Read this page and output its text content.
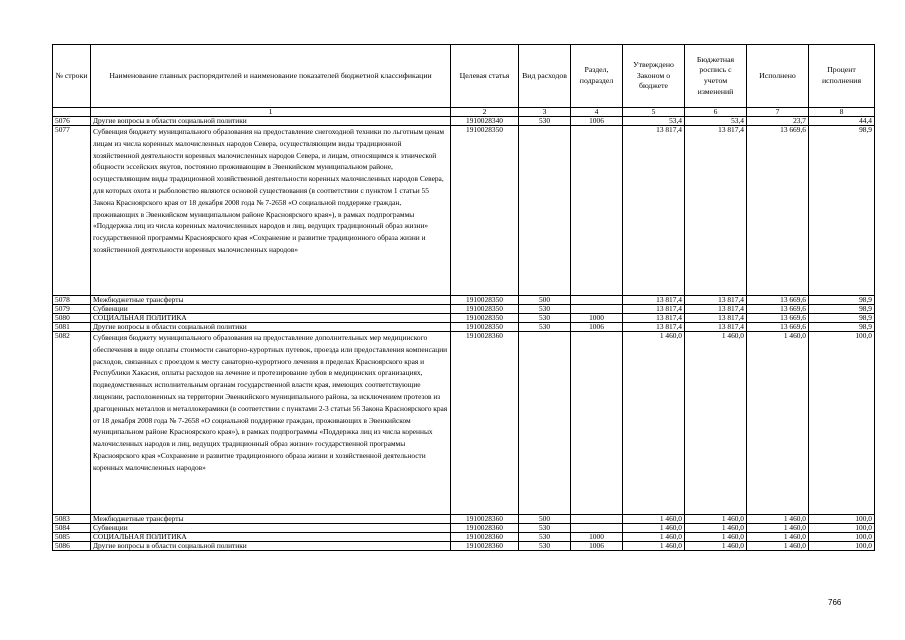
№ строки	Наименование главных распорядителей и наименование показателей бюджетной классификации	Целевая статья	Вид расходов	Раздел, подраздел	Утверждено Законом о бюджете	Бюджетная роспись с учетом изменений	Исполнено	Процент исполнения
	1	2	3	4	5	6	7	8
5076	Другие вопросы в области социальной политики	1910028340	530	1006	53,4	53,4	23,7	44,4
5077	Субвенция бюджету муниципального образования на предоставление снегоходной техники по льготным ценам лицам из числа коренных малочисленных народов Севера, осуществляющим виды традиционной хозяйственной деятельности коренных малочисленных народов Севера, и лицам, относящимся к этнической общности эссейских якутов, постоянно проживающим в Эвенкийском муниципальном районе, осуществляющим виды традиционной хозяйственной деятельности коренных малочисленных народов Севера, для которых охота и рыболовство являются основой существования (в соответствии с пунктом 1 статьи 55 Закона Красноярского края от 18 декабря 2008 года № 7-2658 «О социальной поддержке граждан, проживающих в Эвенкийском муниципальном районе Красноярского края»), в рамках подпрограммы «Поддержка лиц из числа коренных малочисленных народов и лиц, ведущих традиционный образ жизни» государственной программы Красноярского края «Сохранение и развитие традиционного образа жизни и хозяйственной деятельности коренных малочисленных народов»	1910028350			13 817,4	13 817,4	13 669,6	98,9
5078	Межбюджетные трансферты	1910028350	500		13 817,4	13 817,4	13 669,6	98,9
5079	Субвенции	1910028350	530		13 817,4	13 817,4	13 669,6	98,9
5080	СОЦИАЛЬНАЯ ПОЛИТИКА	1910028350	530	1000	13 817,4	13 817,4	13 669,6	98,9
5081	Другие вопросы в области социальной политики	1910028350	530	1006	13 817,4	13 817,4	13 669,6	98,9
5082	Субвенция бюджету муниципального образования на предоставление дополнительных мер медицинского обеспечения в виде оплаты стоимости санаторно-курортных путевок, проезда или предоставления компенсации расходов, связанных с проездом к месту санаторно-курортного лечения в пределах Красноярского края и Республики Хакасия, оплаты расходов на лечение и протезирование зубов в медицинских организациях, подведомственных исполнительным органам государственной власти края, имеющих соответствующие лицензии, расположенных на территории Эвенкийского муниципального района, за исключением протезов из драгоценных металлов и металлокерамики (в соответствии с пунктами 2-3 статьи 56 Закона Красноярского края от 18 декабря 2008 года № 7-2658 «О социальной поддержке граждан, проживающих в Эвенкийском муниципальном районе Красноярского края»), в рамках подпрограммы «Поддержка лиц из числа коренных малочисленных народов и лиц, ведущих традиционный образ жизни» государственной программы Красноярского края «Сохранение и развитие традиционного образа жизни и хозяйственной деятельности коренных малочисленных народов»	1910028360			1 460,0	1 460,0	1 460,0	100,0
5083	Межбюджетные трансферты	1910028360	500		1 460,0	1 460,0	1 460,0	100,0
5084	Субвенции	1910028360	530		1 460,0	1 460,0	1 460,0	100,0
5085	СОЦИАЛЬНАЯ ПОЛИТИКА	1910028360	530	1000	1 460,0	1 460,0	1 460,0	100,0
5086	Другие вопросы в области социальной политики	1910028360	530	1006	1 460,0	1 460,0	1 460,0	100,0
766
